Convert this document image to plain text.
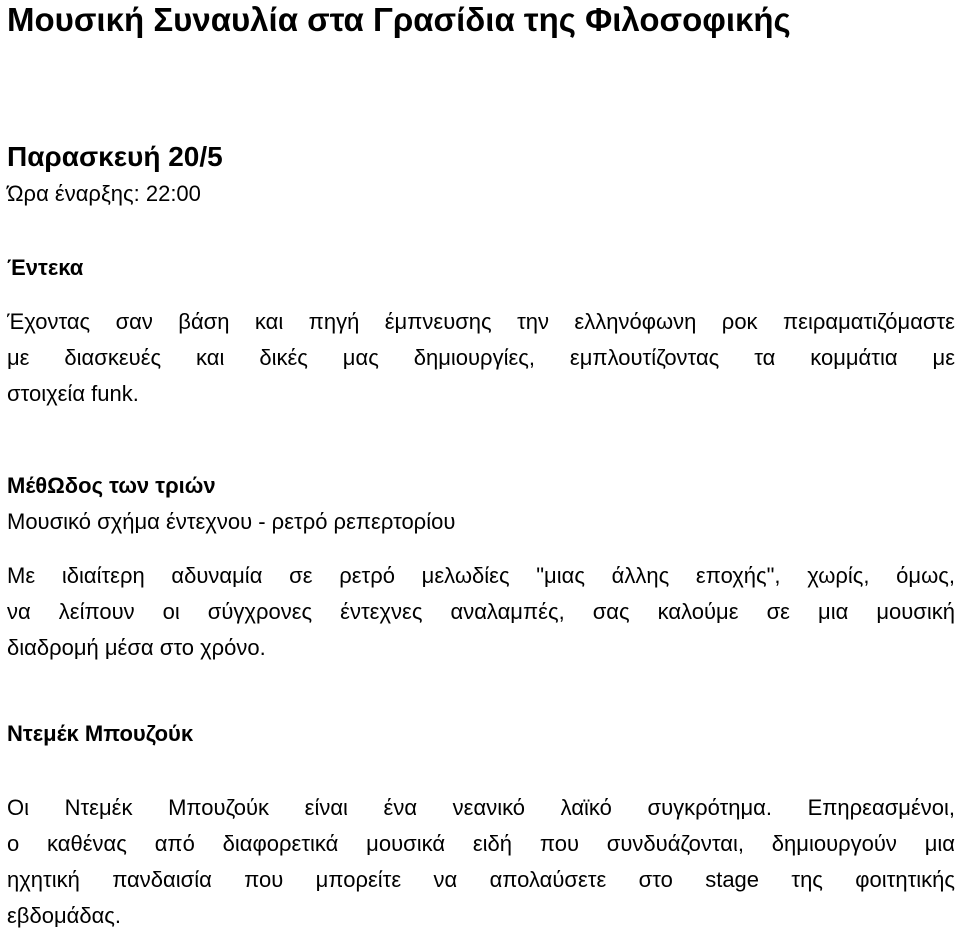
Μουσική Συναυλία στα Γρασίδια της Φιλοσοφικής
Παρασκευή 20/5
Ώρα έναρξης: 22:00
Έντεκα
Έχοντας σαν βάση και πηγή έμπνευσης την ελληνόφωνη ροκ πειραματιζόμαστε
με διασκευές και δικές μας δημιουργίες, εμπλουτίζοντας τα κομμάτια με
στοιχεία funk.
ΜέθΩδος των τριών
Μουσικό σχήμα έντεχνου - ρετρό ρεπερτορίου
Με ιδιαίτερη αδυναμία σε ρετρό μελωδίες "μιας άλλης εποχής", χωρίς, όμως,
να λείπουν οι σύγχρονες έντεχνες αναλαμπές, σας καλούμε σε μια μουσική
διαδρομή μέσα στο χρόνο.
Ντεμέκ Μπουζούκ
Οι Ντεμέκ Μπουζούκ είναι ένα νεανικό λαϊκό συγκρότημα. Επηρεασμένοι,
ο καθένας από διαφορετικά μουσικά ειδή που συνδυάζονται, δημιουργούν μια
ηχητική πανδαισία που μπορείτε να απολαύσετε στο stage της φοιτητικής
εβδομάδας.
